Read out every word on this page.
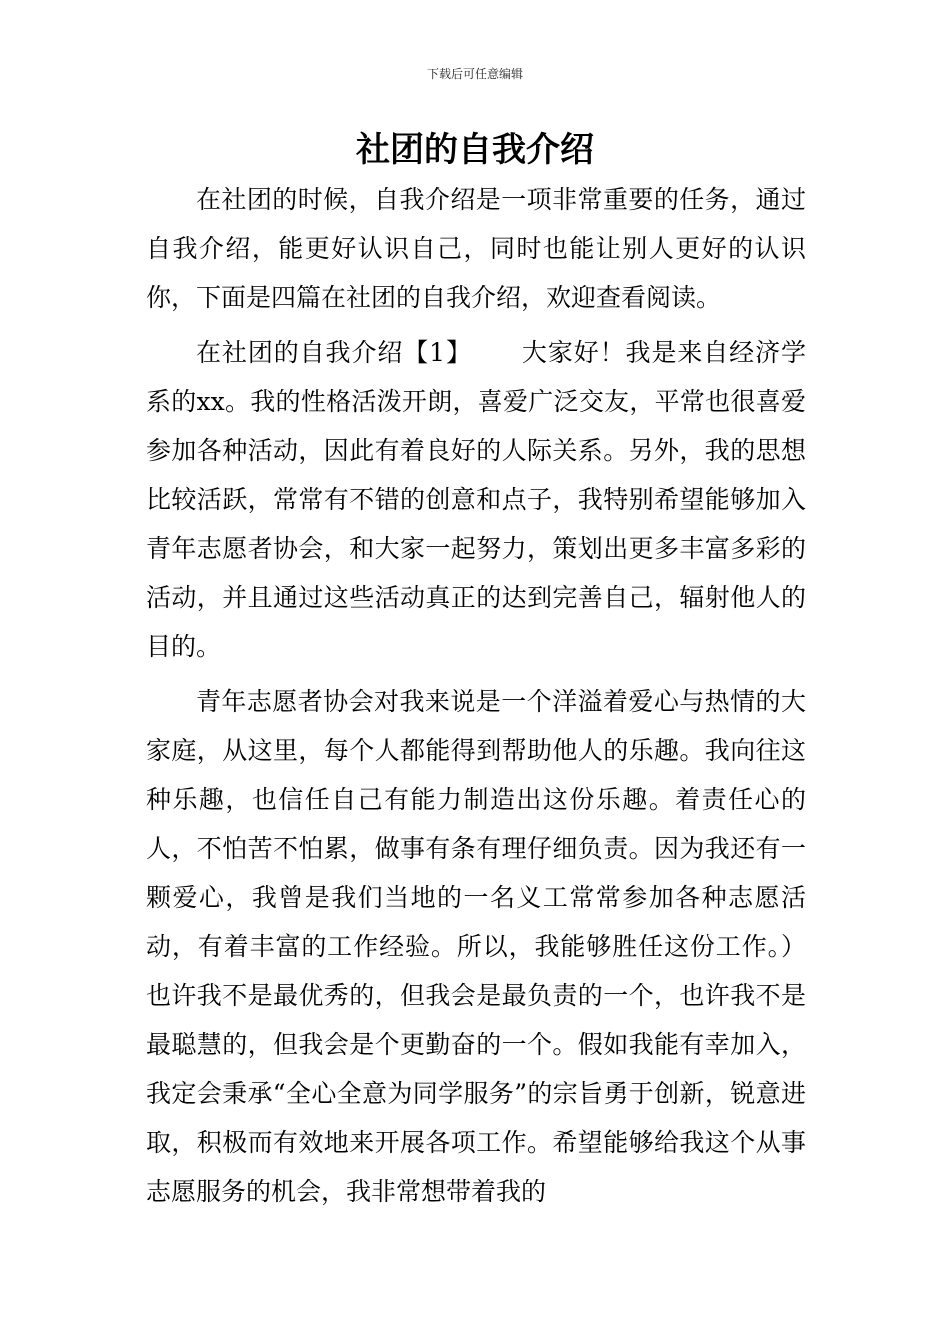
下载后可任意编辑
社团的自我介绍

在社团的时候，自我介绍是一项非常重要的任务，通过自我介绍，能更好认识自己，同时也能让别人更好的认识你，下面是四篇在社团的自我介绍，欢迎查看阅读。

在社团的自我介绍【1】 大家好！我是来自经济学系的xx。我的性格活泼开朗，喜爱广泛交友，平常也很喜爱参加各种活动，因此有着良好的人际关系。另外，我的思想比较活跃，常常有不错的创意和点子，我特别希望能够加入青年志愿者协会，和大家一起努力，策划出更多丰富多彩的活动，并且通过这些活动真正的达到完善自己，辐射他人的目的。

青年志愿者协会对我来说是一个洋溢着爱心与热情的大家庭，从这里，每个人都能得到帮助他人的乐趣。我向往这种乐趣，也信任自己有能力制造出这份乐趣。着责任心的人，不怕苦不怕累，做事有条有理仔细负责。因为我还有一颗爱心，我曾是我们当地的一名义工常常参加各种志愿活动，有着丰富的工作经验。所以，我能够胜任这份工作。）也许我不是最优秀的，但我会是最负责的一个，也许我不是最聪慧的，但我会是个更勤奋的一个。假如我能有幸加入，我定会秉承“全心全意为同学服务”的宗旨勇于创新，锐意进取，积极而有效地来开展各项工作。希望能够给我这个从事志愿服务的机会，我非常想带着我的
